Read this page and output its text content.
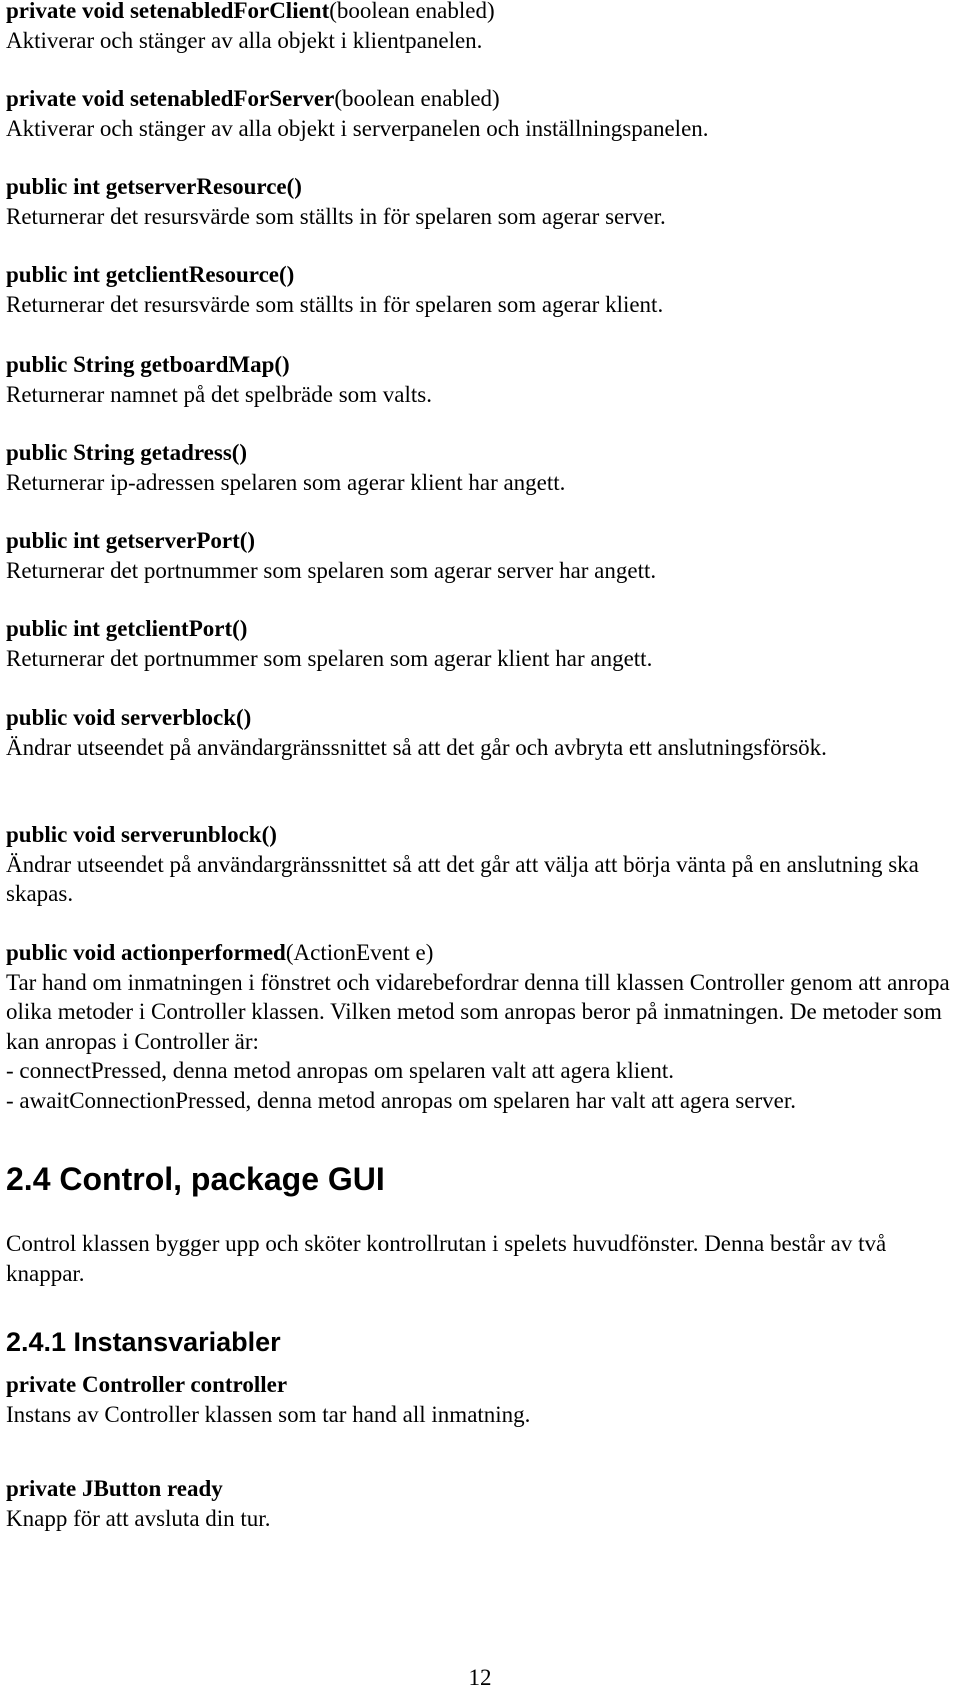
private void setenabledForClient(boolean enabled)
Aktiverar och stänger av alla objekt i klientpanelen.
private void setenabledForServer(boolean enabled)
Aktiverar och stänger av alla objekt i serverpanelen och inställningspanelen.
public int getserverResource()
Returnerar det resursvärde som ställts in för spelaren som agerar server.
public int getclientResource()
Returnerar det resursvärde som ställts in för spelaren som agerar klient.
public String getboardMap()
Returnerar namnet på det spelbräde som valts.
public String getadress()
Returnerar ip-adressen spelaren som agerar klient har angett.
public int getserverPort()
Returnerar det portnummer som spelaren som agerar server har angett.
public int getclientPort()
Returnerar det portnummer som spelaren som agerar klient har angett.
public void serverblock()
Ändrar utseendet på användargränssnittet så att det går och avbryta ett anslutningsförsök.
public void serverunblock()
Ändrar utseendet på användargränssnittet så att det går att välja att börja vänta på en anslutning ska skapas.
public void actionperformed(ActionEvent e)
Tar hand om inmatningen i fönstret och vidarebefordrar denna till klassen Controller genom att anropa olika metoder i Controller klassen. Vilken metod som anropas beror på inmatningen. De metoder som kan anropas i Controller är:
- connectPressed, denna metod anropas om spelaren valt att agera klient.
- awaitConnectionPressed, denna metod anropas om spelaren har valt att agera server.
2.4 Control, package GUI
Control klassen bygger upp och sköter kontrollrutan i spelets huvudfönster. Denna består av två knappar.
2.4.1 Instansvariabler
private Controller controller
Instans av Controller klassen som tar hand all inmatning.
private JButton ready
Knapp för att avsluta din tur.
12
